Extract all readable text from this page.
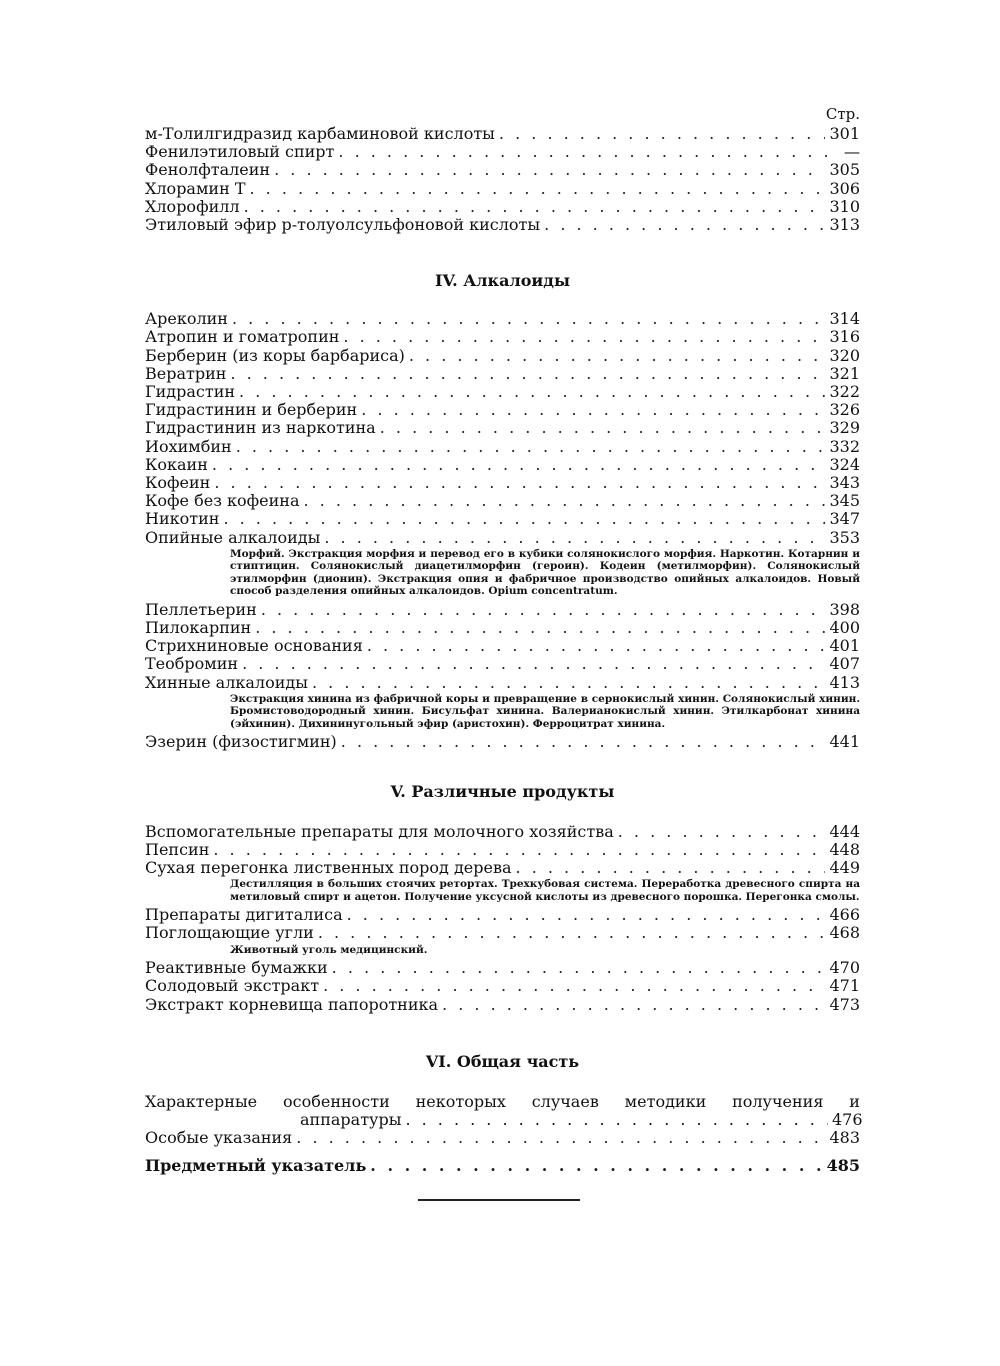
Стр.
м-Толилгидразид карбаминовой кислоты . . .	301
Фенилэтиловый спирт . . .	—
Фенолфталеин . . .	305
Хлорамин Т . . .	306
Хлорофилл . . .	310
Этиловый эфир р-толуолсульфоновой кислоты . . .	313
IV. Алкалоиды
Ареколин . . .	314
Атропин и гоматропин . . .	316
Берберин (из коры барбариса) . . .	320
Вератрин . . .	321
Гидрастин . . .	322
Гидрастинин и берберин . . .	326
Гидрастинин из наркотина . . .	329
Иохимбин . . .	332
Кокаин . . .	324
Кофеин . . .	343
Кофе без кофеина . . .	345
Никотин . . .	347
Опийные алкалоиды . . .	353
Морфий. Экстракция морфия и перевод его в кубики солянокислого морфия. Наркотин. Котарнин и стиптицин. Солянокислый диацетилморфин (героин). Кодеин (метилморфин). Солянокислый этилморфин (дионин). Экстракция опия и фабричное производство опийных алкалоидов. Новый способ разделения опийных алкалоидов. Opium concentratum.
Пеллетьерин . . .	398
Пилокарпин . . .	400
Стрихниновые основания . . .	401
Теобромин . . .	407
Хинные алкалоиды . . .	413
Экстракция хинина из фабричной коры и превращение в сернокислый хинин. Солянокислый хинин. Бромистоводородный хинин. Бисульфат хинина. Валерианокислый хинин. Этилкарбонат хинина (эйхинин). Дихининугольный эфир (аристохин). Ферроцитрат хинина.
Эзерин (физостигмин) . . .	441
V. Различные продукты
Вспомогательные препараты для молочного хозяйства . . .	444
Пепсин . . .	448
Сухая перегонка лиственных пород дерева . . .	449
Дестилляция в больших стоячих ретортах. Трехкубовая система. Переработка древесного спирта на метиловый спирт и ацетон. Получение уксусной кислоты из древесного порошка. Перегонка смолы.
Препараты дигиталиса . . .	466
Поглощающие угли . . .	468
Животный уголь медицинский.
Реактивные бумажки . . .	470
Солодовый экстракт . . .	471
Экстракт корневища папоротника . . .	473
VI. Общая часть
Характерные особенности некоторых случаев методики получения и
аппаратуры . . .	476
Особые указания . . .	483
Предметный указатель . . .	485
